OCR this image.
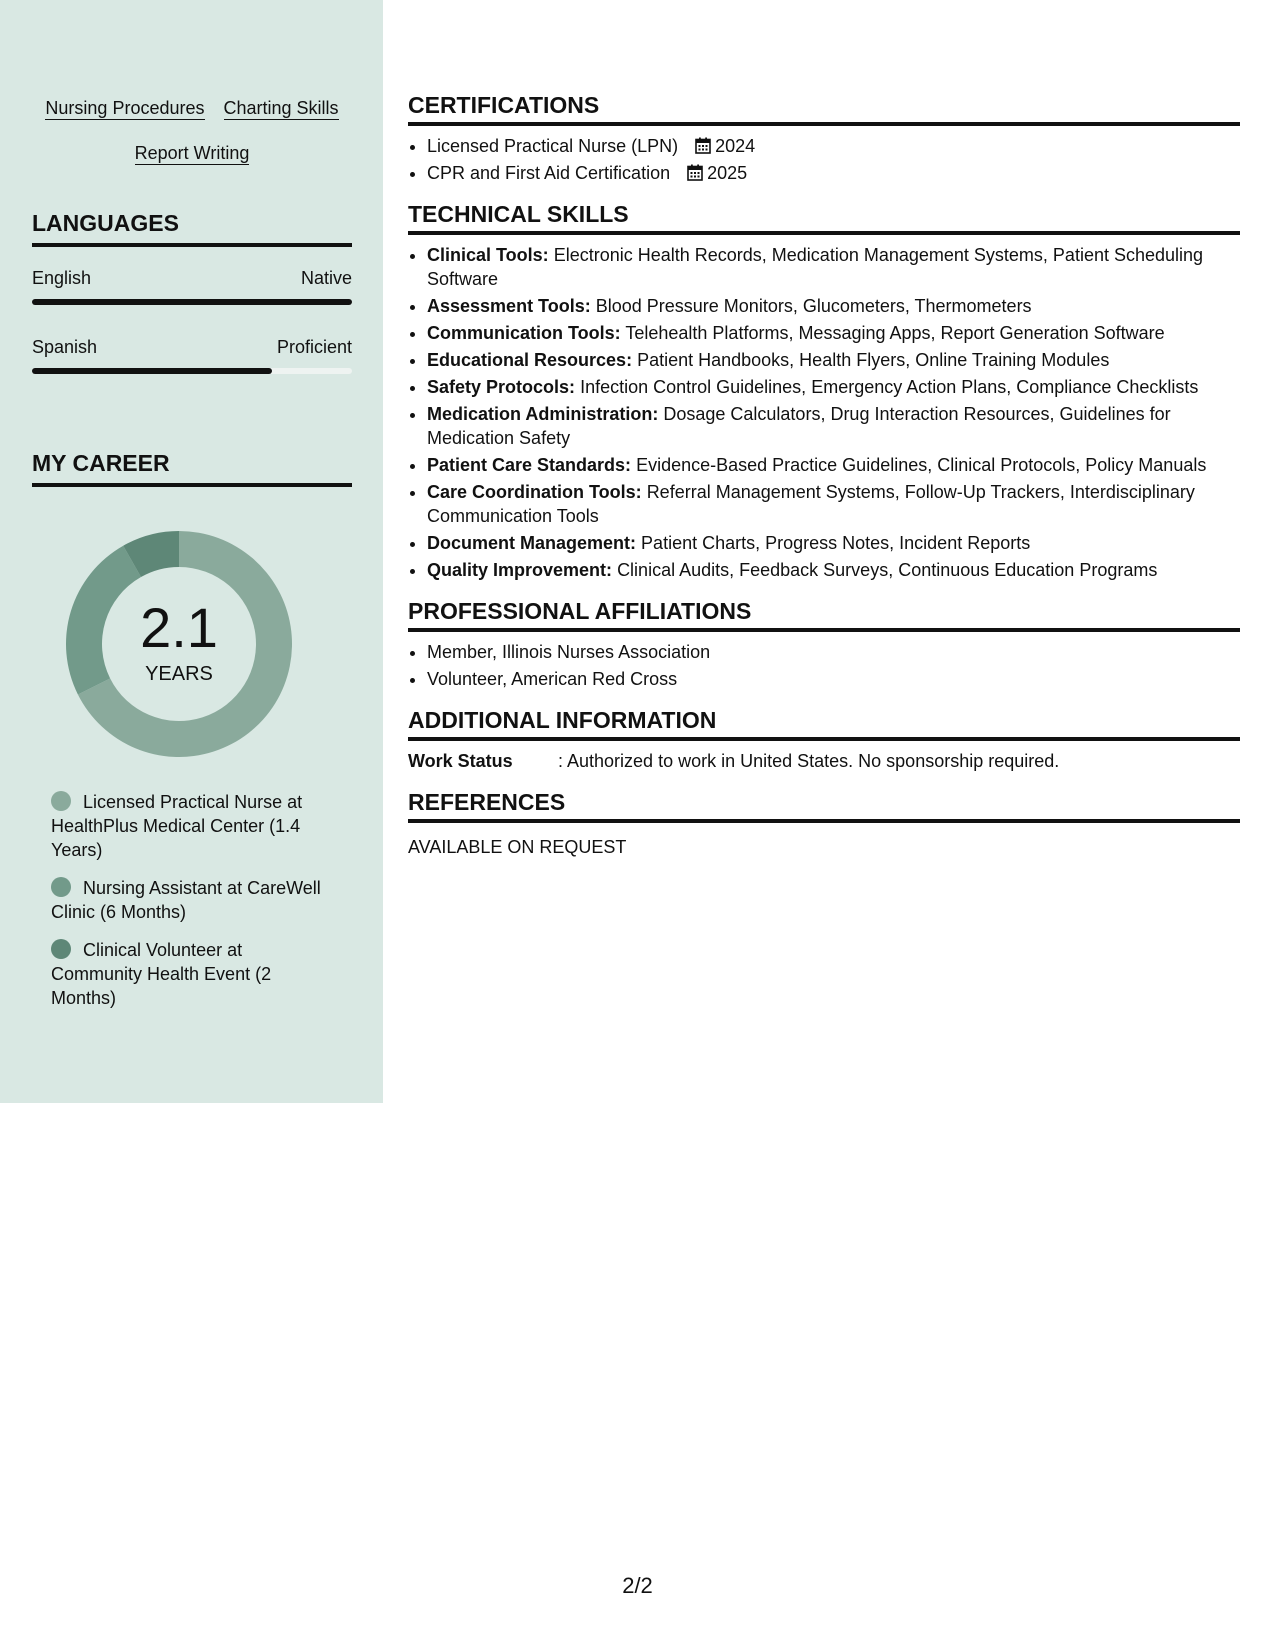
Nursing Procedures Charting Skills
Report Writing
LANGUAGES
English	Native
Spanish	Proficient
MY CAREER
2.1
YEARS
Licensed Practical Nurse at HealthPlus Medical Center (1.4 Years)
Nursing Assistant at CareWell Clinic (6 Months)
Clinical Volunteer at Community Health Event (2 Months)
CERTIFICATIONS
• Licensed Practical Nurse (LPN) 2024
• CPR and First Aid Certification 2025
TECHNICAL SKILLS
• Clinical Tools: Electronic Health Records, Medication Management Systems, Patient Scheduling Software
• Assessment Tools: Blood Pressure Monitors, Glucometers, Thermometers
• Communication Tools: Telehealth Platforms, Messaging Apps, Report Generation Software
• Educational Resources: Patient Handbooks, Health Flyers, Online Training Modules
• Safety Protocols: Infection Control Guidelines, Emergency Action Plans, Compliance Checklists
• Medication Administration: Dosage Calculators, Drug Interaction Resources, Guidelines for Medication Safety
• Patient Care Standards: Evidence-Based Practice Guidelines, Clinical Protocols, Policy Manuals
• Care Coordination Tools: Referral Management Systems, Follow-Up Trackers, Interdisciplinary Communication Tools
• Document Management: Patient Charts, Progress Notes, Incident Reports
• Quality Improvement: Clinical Audits, Feedback Surveys, Continuous Education Programs
PROFESSIONAL AFFILIATIONS
• Member, Illinois Nurses Association
• Volunteer, American Red Cross
ADDITIONAL INFORMATION
Work Status	: Authorized to work in United States. No sponsorship required.
REFERENCES
AVAILABLE ON REQUEST
2/2
